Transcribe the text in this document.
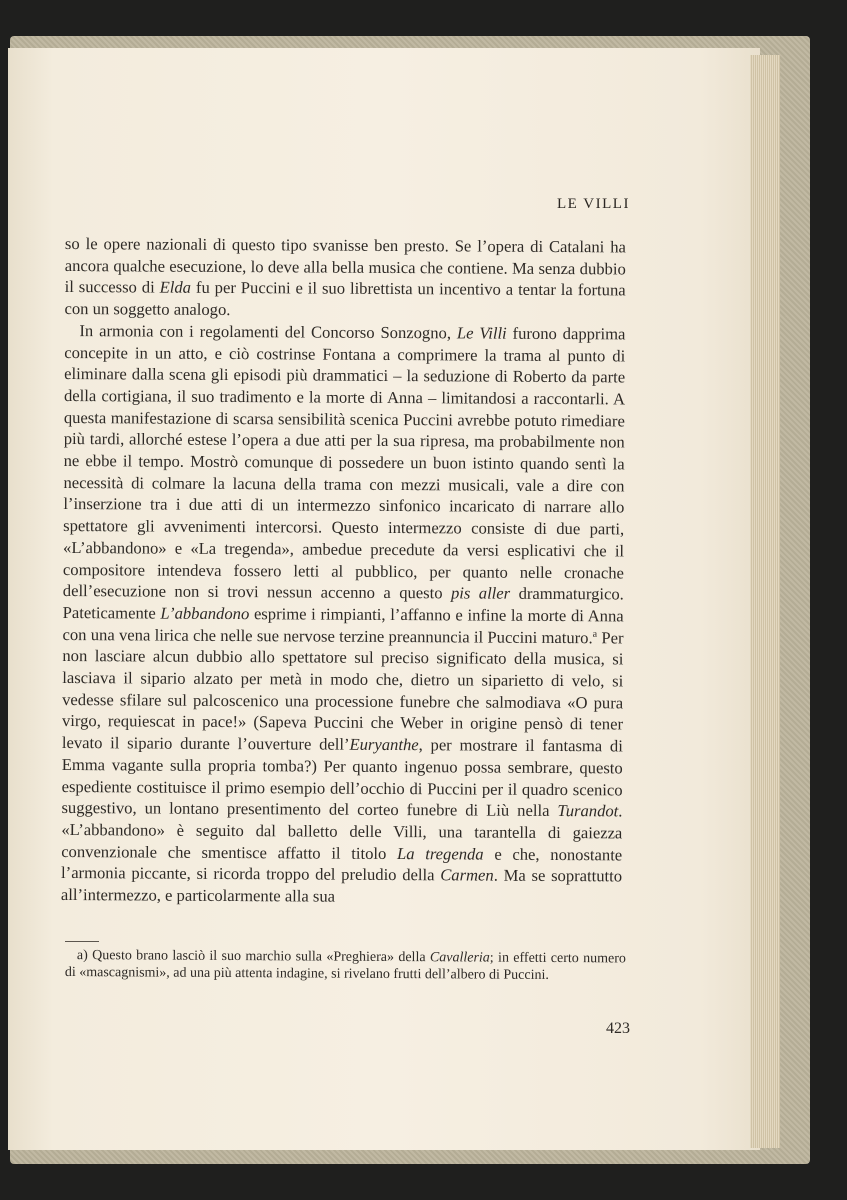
LE VILLI

so le opere nazionali di questo tipo svanisse ben presto. Se l’opera di Catalani ha ancora qualche esecuzione, lo deve alla bella musica che contiene. Ma senza dubbio il successo di Elda fu per Puccini e il suo librettista un incentivo a tentar la fortuna con un soggetto analogo.

In armonia con i regolamenti del Concorso Sonzogno, Le Villi furono dapprima concepite in un atto, e ciò costrinse Fontana a comprimere la trama al punto di eliminare dalla scena gli episodi più drammatici – la seduzione di Roberto da parte della cortigiana, il suo tradimento e la morte di Anna – limitandosi a raccontarli. A questa manifestazione di scarsa sensibilità scenica Puccini avrebbe potuto rimediare più tardi, allorché estese l’opera a due atti per la sua ripresa, ma probabilmente non ne ebbe il tempo. Mostrò comunque di possedere un buon istinto quando sentì la necessità di colmare la lacuna della trama con mezzi musicali, vale a dire con l’inserzione tra i due atti di un intermezzo sinfonico incaricato di narrare allo spettatore gli avvenimenti intercorsi. Questo intermezzo consiste di due parti, «L’abbandono» e «La tregenda», ambedue precedute da versi esplicativi che il compositore intendeva fossero letti al pubblico, per quanto nelle cronache dell’esecuzione non si trovi nessun accenno a questo pis aller drammaturgico. Pateticamente L’abbandono esprime i rimpianti, l’affanno e infine la morte di Anna con una vena lirica che nelle sue nervose terzine preannuncia il Puccini maturo.$^a$ Per non lasciare alcun dubbio allo spettatore sul preciso significato della musica, si lasciava il sipario alzato per metà in modo che, dietro un siparietto di velo, si vedesse sfilare sul palcoscenico una processione funebre che salmodiava «O pura virgo, requiescat in pace!» (Sapeva Puccini che Weber in origine pensò di tener levato il sipario durante l’ouverture dell’Euryanthe, per mostrare il fantasma di Emma vagante sulla propria tomba?) Per quanto ingenuo possa sembrare, questo espediente costituisce il primo esempio dell’occhio di Puccini per il quadro scenico suggestivo, un lontano presentimento del corteo funebre di Liù nella Turandot. «L’abbandono» è seguito dal balletto delle Villi, una tarantella di gaiezza convenzionale che smentisce affatto il titolo La tregenda e che, nonostante l’armonia piccante, si ricorda troppo del preludio della Carmen. Ma se soprattutto all’intermezzo, e particolarmente alla sua

a) Questo brano lasciò il suo marchio sulla «Preghiera» della Cavalleria; in effetti certo numero di «mascagnismi», ad una più attenta indagine, si rivelano frutti dell’albero di Puccini.

423
